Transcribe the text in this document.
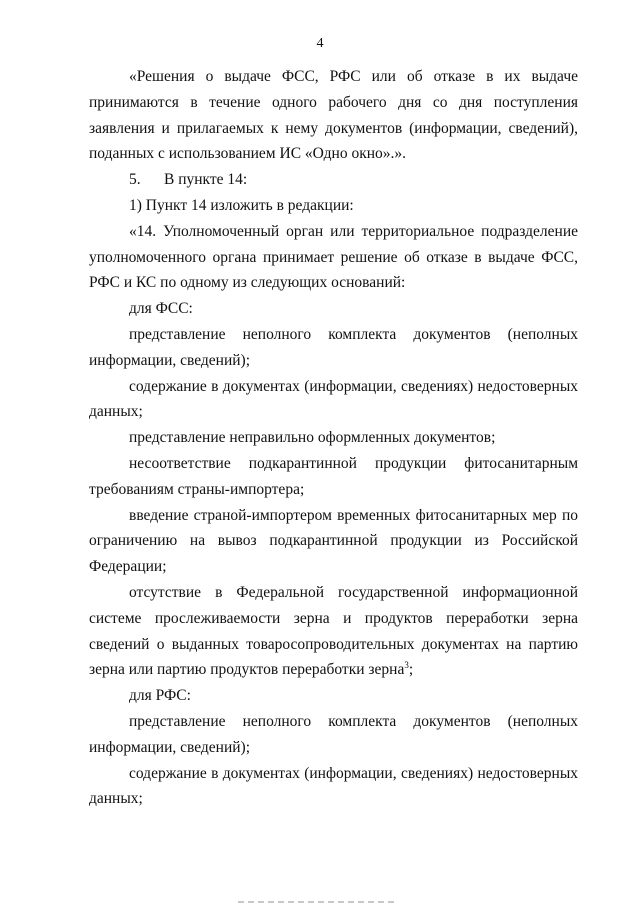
4

«Решения о выдаче ФСС, РФС или об отказе в их выдаче принимаются в течение одного рабочего дня со дня поступления заявления и прилагаемых к нему документов (информации, сведений), поданных с использованием ИС «Одно окно».».

5. В пункте 14:

1) Пункт 14 изложить в редакции:

«14. Уполномоченный орган или территориальное подразделение уполномоченного органа принимает решение об отказе в выдаче ФСС, РФС и КС по одному из следующих оснований:

для ФСС:

представление неполного комплекта документов (неполных информации, сведений);

содержание в документах (информации, сведениях) недостоверных данных;

представление неправильно оформленных документов;

несоответствие подкарантинной продукции фитосанитарным требованиям страны-импортера;

введение страной-импортером временных фитосанитарных мер по ограничению на вывоз подкарантинной продукции из Российской Федерации;

отсутствие в Федеральной государственной информационной системе прослеживаемости зерна и продуктов переработки зерна сведений о выданных товаросопроводительных документах на партию зерна или партию продуктов переработки зерна$^3$;

для РФС:

представление неполного комплекта документов (неполных информации, сведений);

содержание в документах (информации, сведениях) недостоверных данных;
